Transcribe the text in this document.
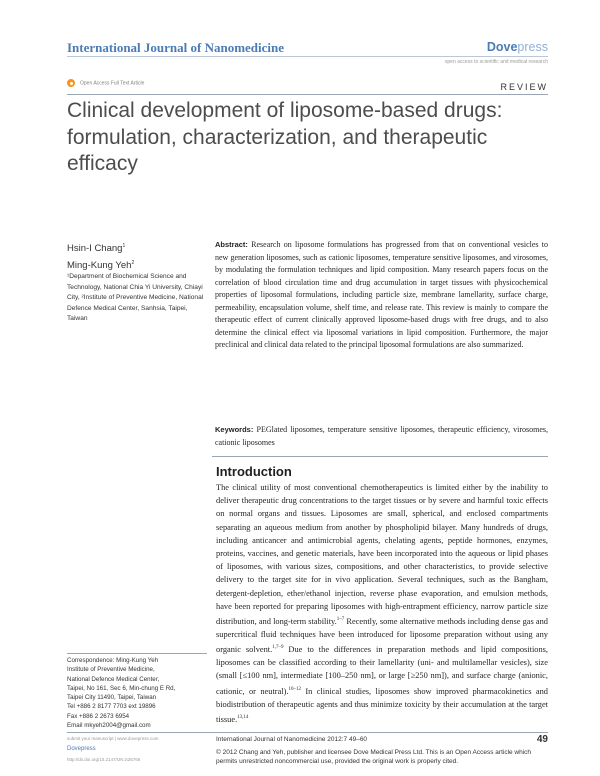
International Journal of Nanomedicine	Dovepress
open access to scientific and medical research
Open Access Full Text Article	REVIEW
Clinical development of liposome-based drugs: formulation, characterization, and therapeutic efficacy
Hsin-I Chang$^1$
Ming-Kung Yeh$^2$
¹Department of Biochemical Science and Technology, National Chia Yi University, Chiayi City, ²Institute of Preventive Medicine, National Defence Medical Center, Sanhsia, Taipei, Taiwan
Abstract: Research on liposome formulations has progressed from that on conventional vesicles to new generation liposomes, such as cationic liposomes, temperature sensitive liposomes, and virosomes, by modulating the formulation techniques and lipid composition. Many research papers focus on the correlation of blood circulation time and drug accumulation in target tissues with physicochemical properties of liposomal formulations, including particle size, membrane lamellarity, surface charge, permeability, encapsulation volume, shelf time, and release rate. This review is mainly to compare the therapeutic effect of current clinically approved liposome-based drugs with free drugs, and to also determine the clinical effect via liposomal variations in lipid composition. Furthermore, the major preclinical and clinical data related to the principal liposomal formulations are also summarized.
Keywords: PEGlated liposomes, temperature sensitive liposomes, therapeutic efficiency, virosomes, cationic liposomes
Introduction
The clinical utility of most conventional chemotherapeutics is limited either by the inability to deliver therapeutic drug concentrations to the target tissues or by severe and harmful toxic effects on normal organs and tissues. Liposomes are small, spherical, and enclosed compartments separating an aqueous medium from another by phospholipid bilayer. Many hundreds of drugs, including anticancer and antimicrobial agents, chelating agents, peptide hormones, enzymes, proteins, vaccines, and genetic materials, have been incorporated into the aqueous or lipid phases of liposomes, with various sizes, compositions, and other characteristics, to provide selective delivery to the target site for in vivo application. Several techniques, such as the Bangham, detergent-depletion, ether/ethanol injection, reverse phase evaporation, and emulsion methods, have been reported for preparing liposomes with high-entrapment efficiency, narrow particle size distribution, and long-term stability.$^{1-7}$ Recently, some alternative methods including dense gas and supercritical fluid techniques have been introduced for liposome preparation without using any organic solvent.$^{1,7-9}$ Due to the differences in preparation methods and lipid compositions, liposomes can be classified according to their lamellarity (uni- and multilamellar vesicles), size (small [≤100 nm], intermediate [100–250 nm], or large [≥250 nm]), and surface charge (anionic, cationic, or neutral).$^{10-12}$ In clinical studies, liposomes show improved pharmacokinetics and biodistribution of therapeutic agents and thus minimize toxicity by their accumulation at the target tissue.$^{13,14}$
Correspondence: Ming-Kung Yeh
Institute of Preventive Medicine,
National Defence Medical Center,
Taipei, No 161, Sec 6, Min-chung E Rd,
Taipei City 11490, Taipei, Taiwan
Tel +886 2 8177 7703 ext 19896
Fax +886 2 2673 6954
Email mkyeh2004@gmail.com
submit your manuscript | www.dovepress.com
Dovepress
http://dx.doi.org/10.2147/IJN.S26766
International Journal of Nanomedicine 2012:7 49–60	49
© 2012 Chang and Yeh, publisher and licensee Dove Medical Press Ltd. This is an Open Access article which permits unrestricted noncommercial use, provided the original work is properly cited.
